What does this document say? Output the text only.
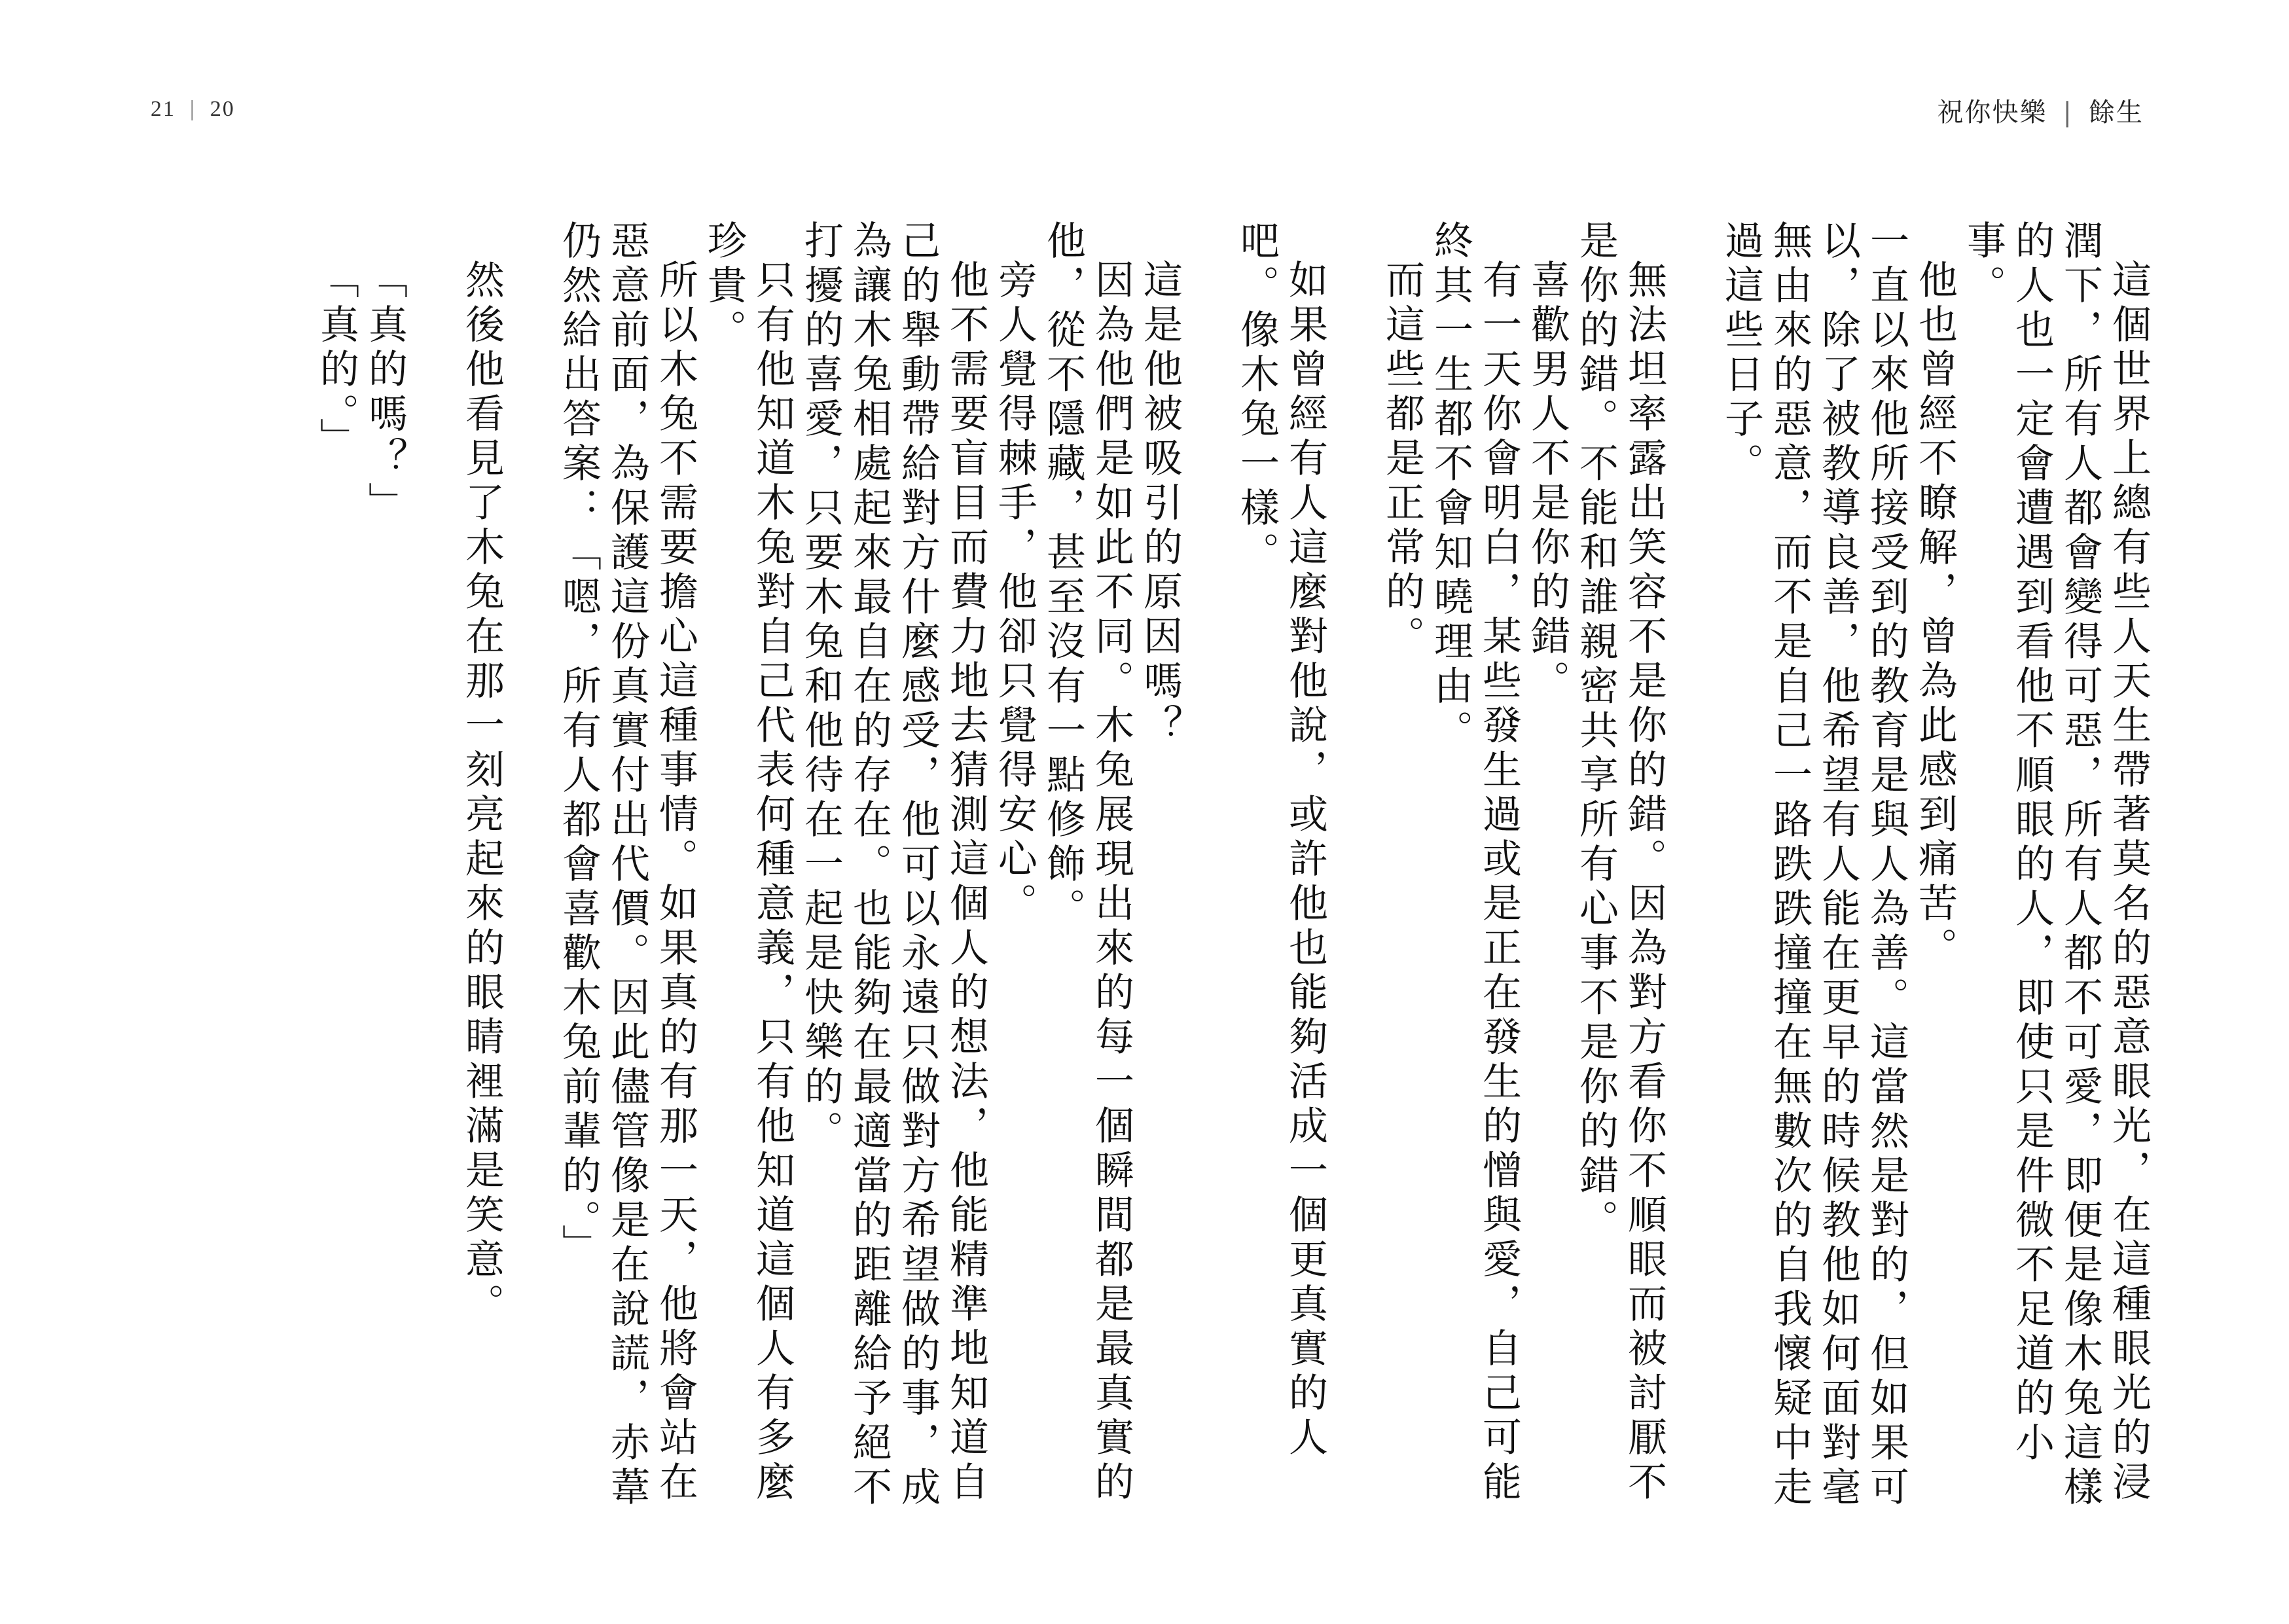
21 | 20	祝你快樂 | 餘生

這個世界上總有些人天生帶著莫名的惡意眼光，在這種眼光的浸潤下，所有人都會變得可惡，所有人都不可愛，即便是像木兔這樣的人也一定會遭遇到看他不順眼的人，即使只是件微不足道的小事。

他也曾經不瞭解，曾為此感到痛苦。

一直以來他所接受到的教育是與人為善。這當然是對的，但如果可以，除了被教導良善，他希望有人能在更早的時候教他如何面對毫無由來的惡意，而不是自己一路跌跌撞撞在無數次的自我懷疑中走過這些日子。

無法坦率露出笑容不是你的錯。因為對方看你不順眼而被討厭不是你的錯。不能和誰親密共享所有心事不是你的錯。

喜歡男人不是你的錯。

有一天你會明白，某些發生過或是正在發生的憎與愛，自己可能終其一生都不會知曉理由。

而這些都是正常的。

如果曾經有人這麼對他說，或許他也能夠活成一個更真實的人吧。像木兔一樣。

這是他被吸引的原因嗎？

因為他們是如此不同。木兔展現出來的每一個瞬間都是最真實的他，從不隱藏，甚至沒有一點修飾。

旁人覺得棘手，他卻只覺得安心。

他不需要盲目而費力地去猜測這個人的想法，他能精準地知道自己的舉動帶給對方什麼感受，他可以永遠只做對方希望做的事，成為讓木兔相處起來最自在的存在。也能夠在最適當的距離給予絕不打擾的喜愛，只要木兔和他待在一起是快樂的。

只有他知道木兔對自己代表何種意義，只有他知道這個人有多麼珍貴。

所以木兔不需要擔心這種事情。如果真的有那一天，他將會站在惡意前面，為保護這份真實付出代價。因此儘管像是在說謊，赤葦仍然給出答案：「嗯，所有人都會喜歡木兔前輩的。」

然後他看見了木兔在那一刻亮起來的眼睛裡滿是笑意。

「真的嗎？」

「真的。」
